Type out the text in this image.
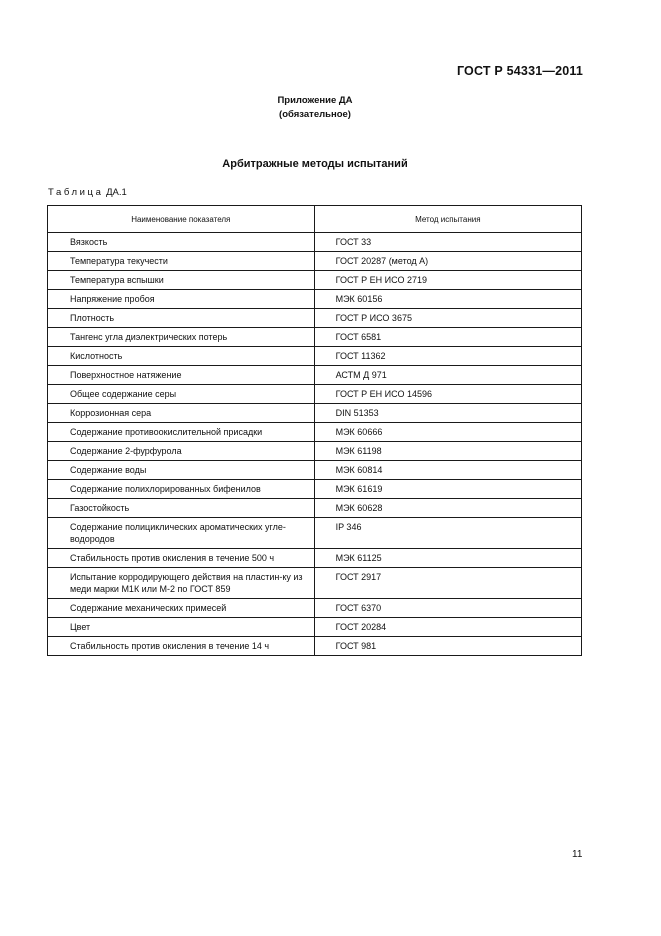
ГОСТ Р 54331—2011
Приложение ДА
(обязательное)
Арбитражные методы испытаний
Таблица ДА.1
Наименование показателя	Метод испытания
Вязкость	ГОСТ 33
Температура текучести	ГОСТ 20287 (метод А)
Температура вспышки	ГОСТ Р ЕН ИСО 2719
Напряжение пробоя	МЭК 60156
Плотность	ГОСТ Р ИСО 3675
Тангенс угла диэлектрических потерь	ГОСТ 6581
Кислотность	ГОСТ 11362
Поверхностное натяжение	АСТМ Д 971
Общее содержание серы	ГОСТ Р ЕН ИСО 14596
Коррозионная сера	DIN 51353
Содержание противоокислительной присадки	МЭК 60666
Содержание 2-фурфурола	МЭК 61198
Содержание воды	МЭК 60814
Содержание полихлорированных бифенилов	МЭК 61619
Газостойкость	МЭК 60628
Содержание полициклических ароматических угле-водородов	IP 346
Стабильность против окисления в течение 500 ч	МЭК 61125
Испытание корродирующего действия на пластин-ку из меди марки М1К или М-2 по ГОСТ 859	ГОСТ 2917
Содержание механических примесей	ГОСТ 6370
Цвет	ГОСТ 20284
Стабильность против окисления в течение 14 ч	ГОСТ 981
11
